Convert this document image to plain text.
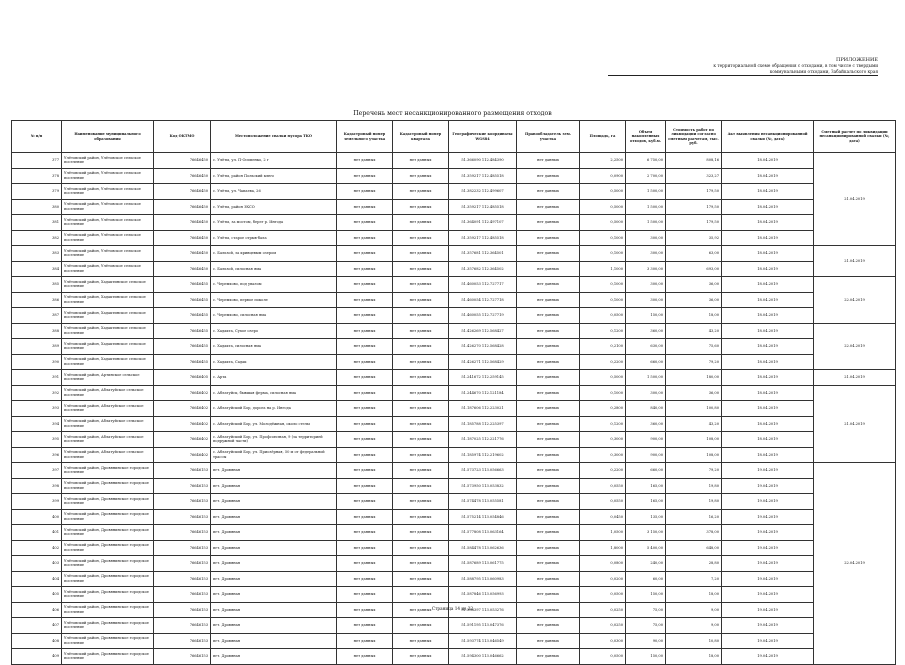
ПРИЛОЖЕНИЕ
к территориальной схеме обращения с отходами, в том числе с твердыми
коммунальными отходами, Забайкальского края
Перечень мест несанкционированного размещения отходов
№ п/п	Наименование муниципального образования	Код ОКТМО	Местоположение свалки мусора ТКО	Кадастровый номер земельного участка	Кадастровый номер квартала	Географические координаты WGS84	Правообладатель зем. участка	Площадь, га	Объем накопленных отходов, куб.м.	Стоимость работ по ликвидации согласно сметным расчетам, тыс. руб.	Акт выявления несанкционированной свалки (№, дата)	Сметный расчет по ликвидации несанкционированной свалки (№, дата)
377	Улётовский район, Улётовское сельское поселение	76646450	с. Улёты, ул. П-Осипенко, 2 г	нет данных	нет данных	51.366090 112.484390	нет данных	2,2500	6 750,00	808,16	18.04.2019	21.04.2019
378	Улётовский район, Улётовское сельское поселение	76646450	с. Улёты, район Польский ключ	нет данных	нет данных	51.359217 112.485518	нет данных	0,0900	2 700,00	323,27	18.04.2019	
379	Улётовский район, Улётовское сельское поселение	76646450	с. Улёты, ул. Чапаева, 26	нет данных	нет данных	51.382232 112.499607	нет данных	0,5000	1 500,00	179,50	18.04.2019	
380	Улётовский район, Улётовское сельское поселение	76646450	с. Улёты, район ЗКСО	нет данных	нет данных	51.359217 112.485518	нет данных	0,5000	1 500,00	179,50	18.04.2019	
381	Улётовский район, Улётовское сельское поселение	76646450	с. Улёты, за мостом, берег р. Ингода	нет данных	нет данных	51.364091 112.497107	нет данных	0,5000	1 500,00	179,50	18.04.2019	
382	Улётовский район, Улётовское сельское поселение	76646450	с. Улёты, старое отрыв-бала	нет данных	нет данных	51.359217 112.485518	нет данных	0,1000	300,00	35,92	18.04.2019	
383	Улётовский район, Улётовское сельское поселение	76646450	с. Бальзой, за кривцевым озером	нет данных	нет данных	51.357681 112.364501	нет данных	0,1000	300,00	63,00	18.04.2019	21.04.2019
384	Улётовский район, Улётовское сельское поселение	76646450	с. Бальзой, силосная яма	нет данных	нет данных	51.357682 112.364502	нет данных	1,1000	3 300,00	693,00	18.04.2019	
385	Улётовский район, Хадактинское сельское поселение	76646455	с. Черемхово, под увалом	нет данных	нет данных	51.460053 112.727717	нет данных	0,1000	300,00	36,00	18.04.2019	22.04.2019
386	Улётовский район, Хадактинское сельское поселение	76646455	с. Черемхово, первое поколе	нет данных	нет данных	51.460054 112.727718	нет данных	0,1000	300,00	36,00	18.04.2019	
387	Улётовский район, Хадактинское сельское поселение	76646455	с. Черемхово, силосная яма	нет данных	нет данных	51.460055 112.727719	нет данных	0,0500	150,00	18,00	18.04.2019	
388	Улётовский район, Хадактинское сельское поселение	76646455	с. Хадакта, Сухое озеро	нет данных	нет данных	51.426269 112.568427	нет данных	0,1200	360,00	43,20	18.04.2019	22.04.2019
389	Улётовский район, Хадактинское сельское поселение	76646455	с. Хадакта, силосная яма	нет данных	нет данных	51.426270 112.568428	нет данных	0,2100	630,00	75,60	18.04.2019	
390	Улётовский район, Хадактинское сельское поселение	76646455	с. Хадакта, Садак	нет данных	нет данных	51.426271 112.568429	нет данных	0,2200	660,00	79,20	18.04.2019	
391	Улётовский район, Артинское сельское поселение	76646405	с. Арта	нет данных	нет данных	51.241672 112.259145	нет данных	0,5000	1 500,00	180,00	18.04.2019	21.04.2019
392	Улётовский район, Аблатуйское сельское поселение	76646402	с. Аблатуйск, бывшая ферма, силосная яма	нет данных	нет данных	51.244670 112.121184	нет данных	0,1000	300,00	36,00	18.04.2019	21.04.2019
393	Улётовский район, Аблатуйское сельское поселение	76646402	с. Аблатуйский Бор, дорога на р. Ингода	нет данных	нет данных	51.187606 112.223021	нет данных	0,2800	840,00	100,80	18.04.2019	
394	Улётовский район, Аблатуйское сельское поселение	76646402	с. Аблатуйский Бор, ул. Молодёжная, около стелы	нет данных	нет данных	51.185788 112.225397	нет данных	0,1200	360,00	43,20	18.04.2019	
395	Улётовский район, Аблатуйское сельское поселение	76646402	с. Аблатуйский Бор, ул. Профсоюзная, 9 (за территорией подружной части)	нет данных	нет данных	51.187025 112.221776	нет данных	0,3000	900,00	108,00	18.04.2019	
396	Улётовский район, Аблатуйское сельское поселение	76646402	с. Аблатуйский Бор, ул. Приозёрная, 50 м от федеральной трассы	нет данных	нет данных	51.185974 112.219602	нет данных	0,3000	900,00	108,00	18.04.2019	
397	Улётовский район, Дровянинское городское поселение	76646153	пгт. Дровяная	нет данных	нет данных	51.573723 113.056663	нет данных	0,2200	660,00	79,20	19.04.2019	22.04.2019
398	Улётовский район, Дровянинское городское поселение	76646153	пгт. Дровяная	нет данных	нет данных	51.573950 113.053832	нет данных	0,0550	165,00	19,80	19.04.2019	
399	Улётовский район, Дровянинское городское поселение	76646153	пгт. Дровяная	нет данных	нет данных	51.574478 113.055581	нет данных	0,0550	165,00	19,80	19.04.2019	
400	Улётовский район, Дровянинское городское поселение	76646153	пгт. Дровяная	нет данных	нет данных	51.575214 113.054846	нет данных	0,0450	135,00	16,20	19.04.2019	
401	Улётовский район, Дровянинское городское поселение	76646153	пгт. Дровяная	нет данных	нет данных	51.577808 113.063164	нет данных	1,0500	3 150,00	378,00	19.04.2019	
402	Улётовский район, Дровянинское городское поселение	76646153	пгт. Дровяная	нет данных	нет данных	51.584478 113.062636	нет данных	1,8000	5 400,00	648,00	19.04.2019	
403	Улётовский район, Дровянинское городское поселение	76646153	пгт. Дровяная	нет данных	нет данных	51.587689 113.061775	нет данных	0,0800	240,00	28,80	19.04.2019	
404	Улётовский район, Дровянинское городское поселение	76646153	пгт. Дровяная	нет данных	нет данных	51.588795 113.060983	нет данных	0,0200	60,00	7,20	19.04.2019	
405	Улётовский район, Дровянинское городское поселение	76646153	пгт. Дровяная	нет данных	нет данных	51.587846 113.056993	нет данных	0,0500	150,00	18,00	19.04.2019	
406	Улётовский район, Дровянинское городское поселение	76646153	пгт. Дровяная	нет данных	нет данных	51.588397 113.053276	нет данных	0,0250	75,00	9,00	19.04.2019	
407	Улётовский район, Дровянинское городское поселение	76646153	пгт. Дровяная	нет данных	нет данных	51.591195 113.047376	нет данных	0,0250	75,00	9,00	19.04.2019	
408	Улётовский район, Дровянинское городское поселение	76646153	пгт. Дровяная	нет данных	нет данных	51.593774 113.046549	нет данных	0,0300	90,00	10,80	19.04.2019	
409	Улётовский район, Дровянинское городское поселение	76646153	пгт. Дровяная	нет данных	нет данных	51.594300 113.046662	нет данных	0,0500	150,00	18,00	19.04.2019	
Страница 14 из 22
